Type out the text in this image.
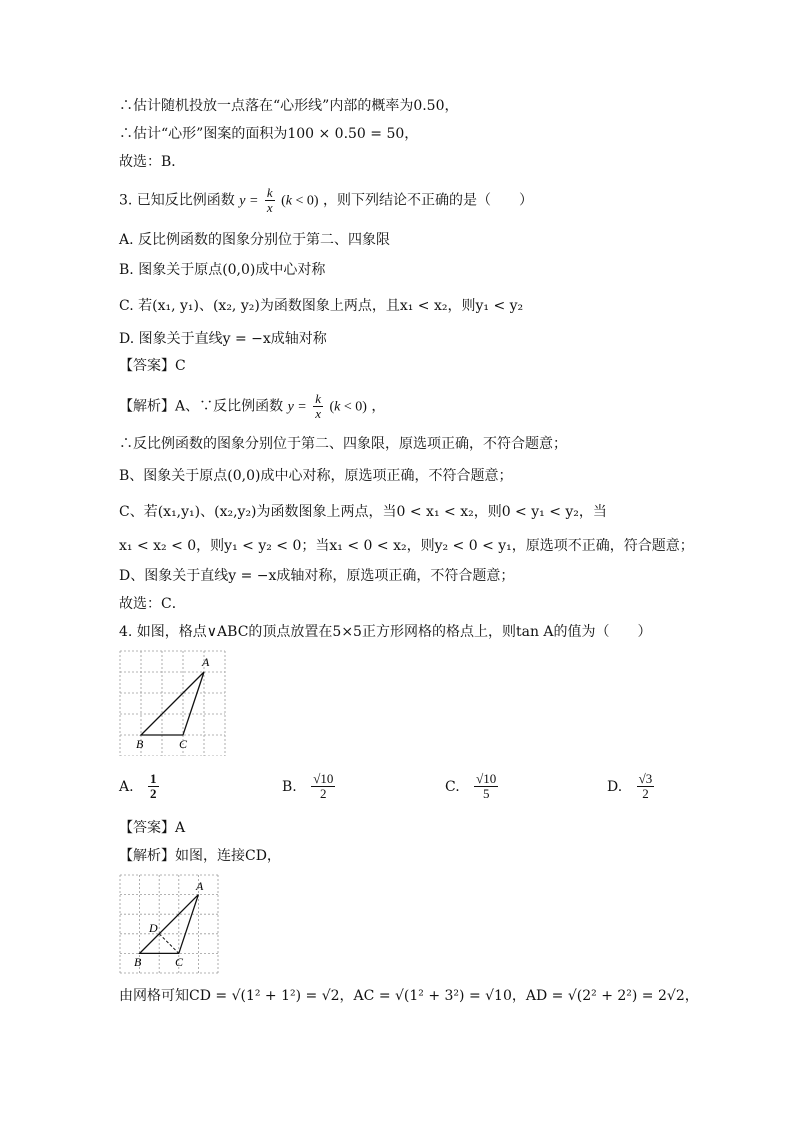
∴估计随机投放一点落在“心形线”内部的概率为0.50，
∴估计“心形”图案的面积为100 × 0.50 = 50，
故选：B．
3. 已知反比例函数 $y = \frac{k}{x} (k < 0)$ ，则下列结论不正确的是（　　）
A. 反比例函数的图象分别位于第二、四象限
B. 图象关于原点(0,0)成中心对称
C. 若(x₁, y₁)、(x₂, y₂)为函数图象上两点，且x₁ < x₂，则y₁ < y₂
D. 图象关于直线y = −x成轴对称
【答案】C
【解析】A、∵反比例函数 $y = \frac{k}{x} (k < 0)$ ，
∴反比例函数的图象分别位于第二、四象限，原选项正确，不符合题意；
B、图象关于原点(0,0)成中心对称，原选项正确，不符合题意；
C、若(x₁,y₁)、(x₂,y₂)为函数图象上两点，当0 < x₁ < x₂，则0 < y₁ < y₂，当
x₁ < x₂ < 0，则y₁ < y₂ < 0；当x₁ < 0 < x₂，则y₂ < 0 < y₁，原选项不正确，符合题意；
D、图象关于直线y = −x成轴对称，原选项正确，不符合题意；
故选：C．
4. 如图，格点∨ABC的顶点放置在5×5正方形网格的格点上，则tan A的值为（　　）
A
B	C
A. $\frac{1}{2}$	B. $\frac{√10}{2}$	C. $\frac{√10}{5}$	D. $\frac{√3}{2}$
【答案】A
【解析】如图，连接CD，
A
B	C
D
由网格可知CD = √(1² + 1²) = √2，AC = √(1² + 3²) = √10，AD = √(2² + 2²) = 2√2，
